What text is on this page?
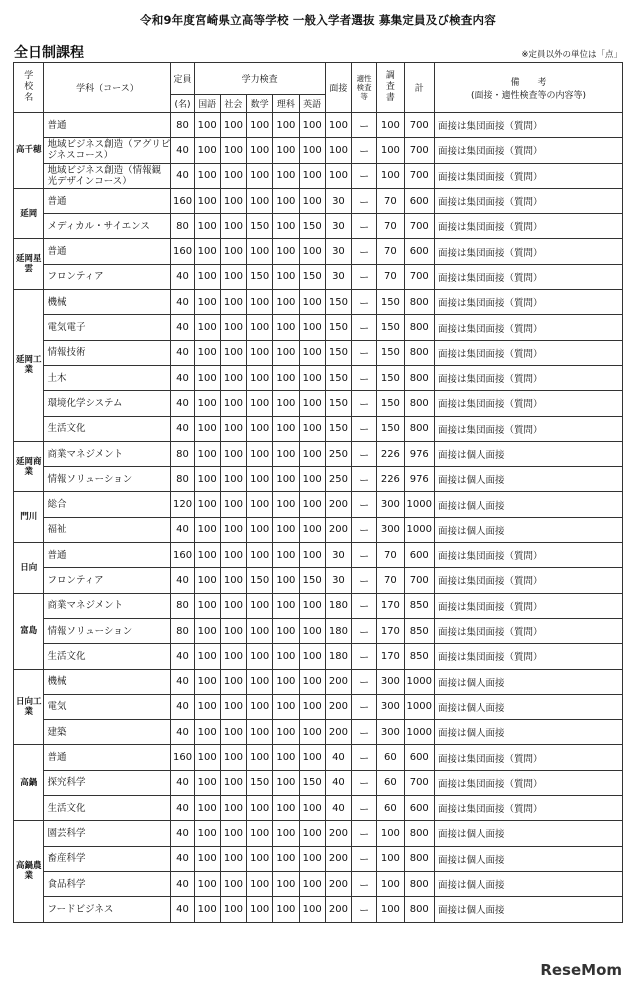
令和9年度宮崎県立高等学校 一般入学者選抜 募集定員及び検査内容
全日制課程	※定員以外の単位は「点」
学校名	学科（コース）	定員	学力検査					面接	適性検査等	調査書	計	備　　考
(面接・適性検査等の内容等)

		(名)	国語	社会	数学	理科	英語					
高千穂	普通	80	100	100	100	100	100	100	ー	100	700	面接は集団面接（質問）
	地域ビジネス創造（アグリビジネスコース）	40	100	100	100	100	100	100	ー	100	700	面接は集団面接（質問）
	地域ビジネス創造（情報観光デザインコース）	40	100	100	100	100	100	100	ー	100	700	面接は集団面接（質問）
延岡	普通	160	100	100	100	100	100	30	ー	70	600	面接は集団面接（質問）
	メディカル・サイエンス	80	100	100	150	100	150	30	ー	70	700	面接は集団面接（質問）
延岡星雲	普通	160	100	100	100	100	100	30	ー	70	600	面接は集団面接（質問）
	フロンティア	40	100	100	150	100	150	30	ー	70	700	面接は集団面接（質問）
延岡工業	機械	40	100	100	100	100	100	150	ー	150	800	面接は集団面接（質問）
	電気電子	40	100	100	100	100	100	150	ー	150	800	面接は集団面接（質問）
	情報技術	40	100	100	100	100	100	150	ー	150	800	面接は集団面接（質問）
	土木	40	100	100	100	100	100	150	ー	150	800	面接は集団面接（質問）
	環境化学システム	40	100	100	100	100	100	150	ー	150	800	面接は集団面接（質問）
	生活文化	40	100	100	100	100	100	150	ー	150	800	面接は集団面接（質問）
延岡商業	商業マネジメント	80	100	100	100	100	100	250	ー	226	976	面接は個人面接
	情報ソリューション	80	100	100	100	100	100	250	ー	226	976	面接は個人面接
門川	総合	120	100	100	100	100	100	200	ー	300	1000	面接は個人面接
	福祉	40	100	100	100	100	100	200	ー	300	1000	面接は個人面接
日向	普通	160	100	100	100	100	100	30	ー	70	600	面接は集団面接（質問）
	フロンティア	40	100	100	150	100	150	30	ー	70	700	面接は集団面接（質問）
富島	商業マネジメント	80	100	100	100	100	100	180	ー	170	850	面接は集団面接（質問）
	情報ソリューション	80	100	100	100	100	100	180	ー	170	850	面接は集団面接（質問）
	生活文化	40	100	100	100	100	100	180	ー	170	850	面接は集団面接（質問）
日向工業	機械	40	100	100	100	100	100	200	ー	300	1000	面接は個人面接
	電気	40	100	100	100	100	100	200	ー	300	1000	面接は個人面接
	建築	40	100	100	100	100	100	200	ー	300	1000	面接は個人面接
高鍋	普通	160	100	100	100	100	100	40	ー	60	600	面接は集団面接（質問）
	探究科学	40	100	100	150	100	150	40	ー	60	700	面接は集団面接（質問）
	生活文化	40	100	100	100	100	100	40	ー	60	600	面接は集団面接（質問）
高鍋農業	園芸科学	40	100	100	100	100	100	200	ー	100	800	面接は個人面接
	畜産科学	40	100	100	100	100	100	200	ー	100	800	面接は個人面接
	食品科学	40	100	100	100	100	100	200	ー	100	800	面接は個人面接
	フードビジネス	40	100	100	100	100	100	200	ー	100	800	面接は個人面接
ReseMom
